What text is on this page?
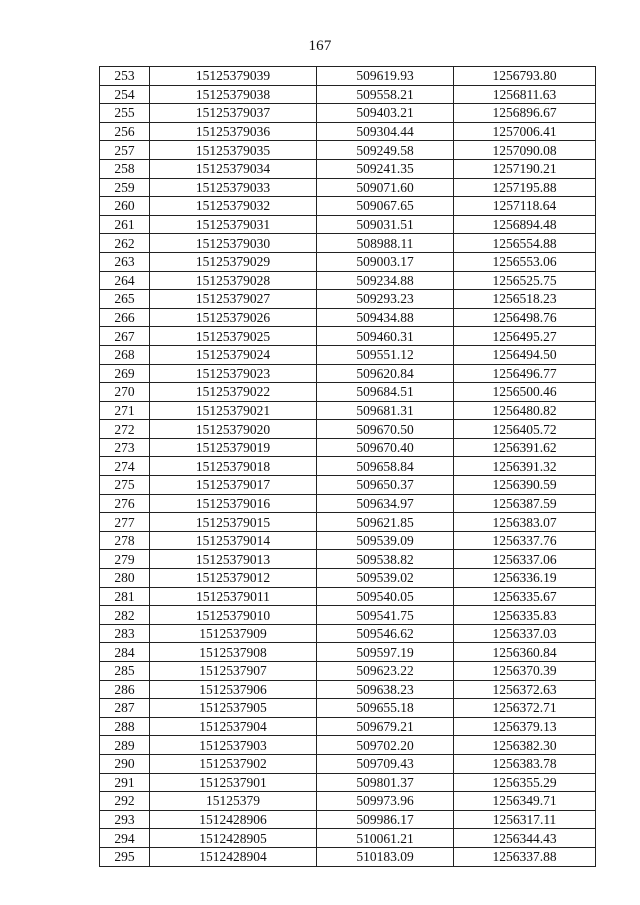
167
253	15125379039	509619.93	1256793.80
254	15125379038	509558.21	1256811.63
255	15125379037	509403.21	1256896.67
256	15125379036	509304.44	1257006.41
257	15125379035	509249.58	1257090.08
258	15125379034	509241.35	1257190.21
259	15125379033	509071.60	1257195.88
260	15125379032	509067.65	1257118.64
261	15125379031	509031.51	1256894.48
262	15125379030	508988.11	1256554.88
263	15125379029	509003.17	1256553.06
264	15125379028	509234.88	1256525.75
265	15125379027	509293.23	1256518.23
266	15125379026	509434.88	1256498.76
267	15125379025	509460.31	1256495.27
268	15125379024	509551.12	1256494.50
269	15125379023	509620.84	1256496.77
270	15125379022	509684.51	1256500.46
271	15125379021	509681.31	1256480.82
272	15125379020	509670.50	1256405.72
273	15125379019	509670.40	1256391.62
274	15125379018	509658.84	1256391.32
275	15125379017	509650.37	1256390.59
276	15125379016	509634.97	1256387.59
277	15125379015	509621.85	1256383.07
278	15125379014	509539.09	1256337.76
279	15125379013	509538.82	1256337.06
280	15125379012	509539.02	1256336.19
281	15125379011	509540.05	1256335.67
282	15125379010	509541.75	1256335.83
283	1512537909	509546.62	1256337.03
284	1512537908	509597.19	1256360.84
285	1512537907	509623.22	1256370.39
286	1512537906	509638.23	1256372.63
287	1512537905	509655.18	1256372.71
288	1512537904	509679.21	1256379.13
289	1512537903	509702.20	1256382.30
290	1512537902	509709.43	1256383.78
291	1512537901	509801.37	1256355.29
292	15125379	509973.96	1256349.71
293	1512428906	509986.17	1256317.11
294	1512428905	510061.21	1256344.43
295	1512428904	510183.09	1256337.88
